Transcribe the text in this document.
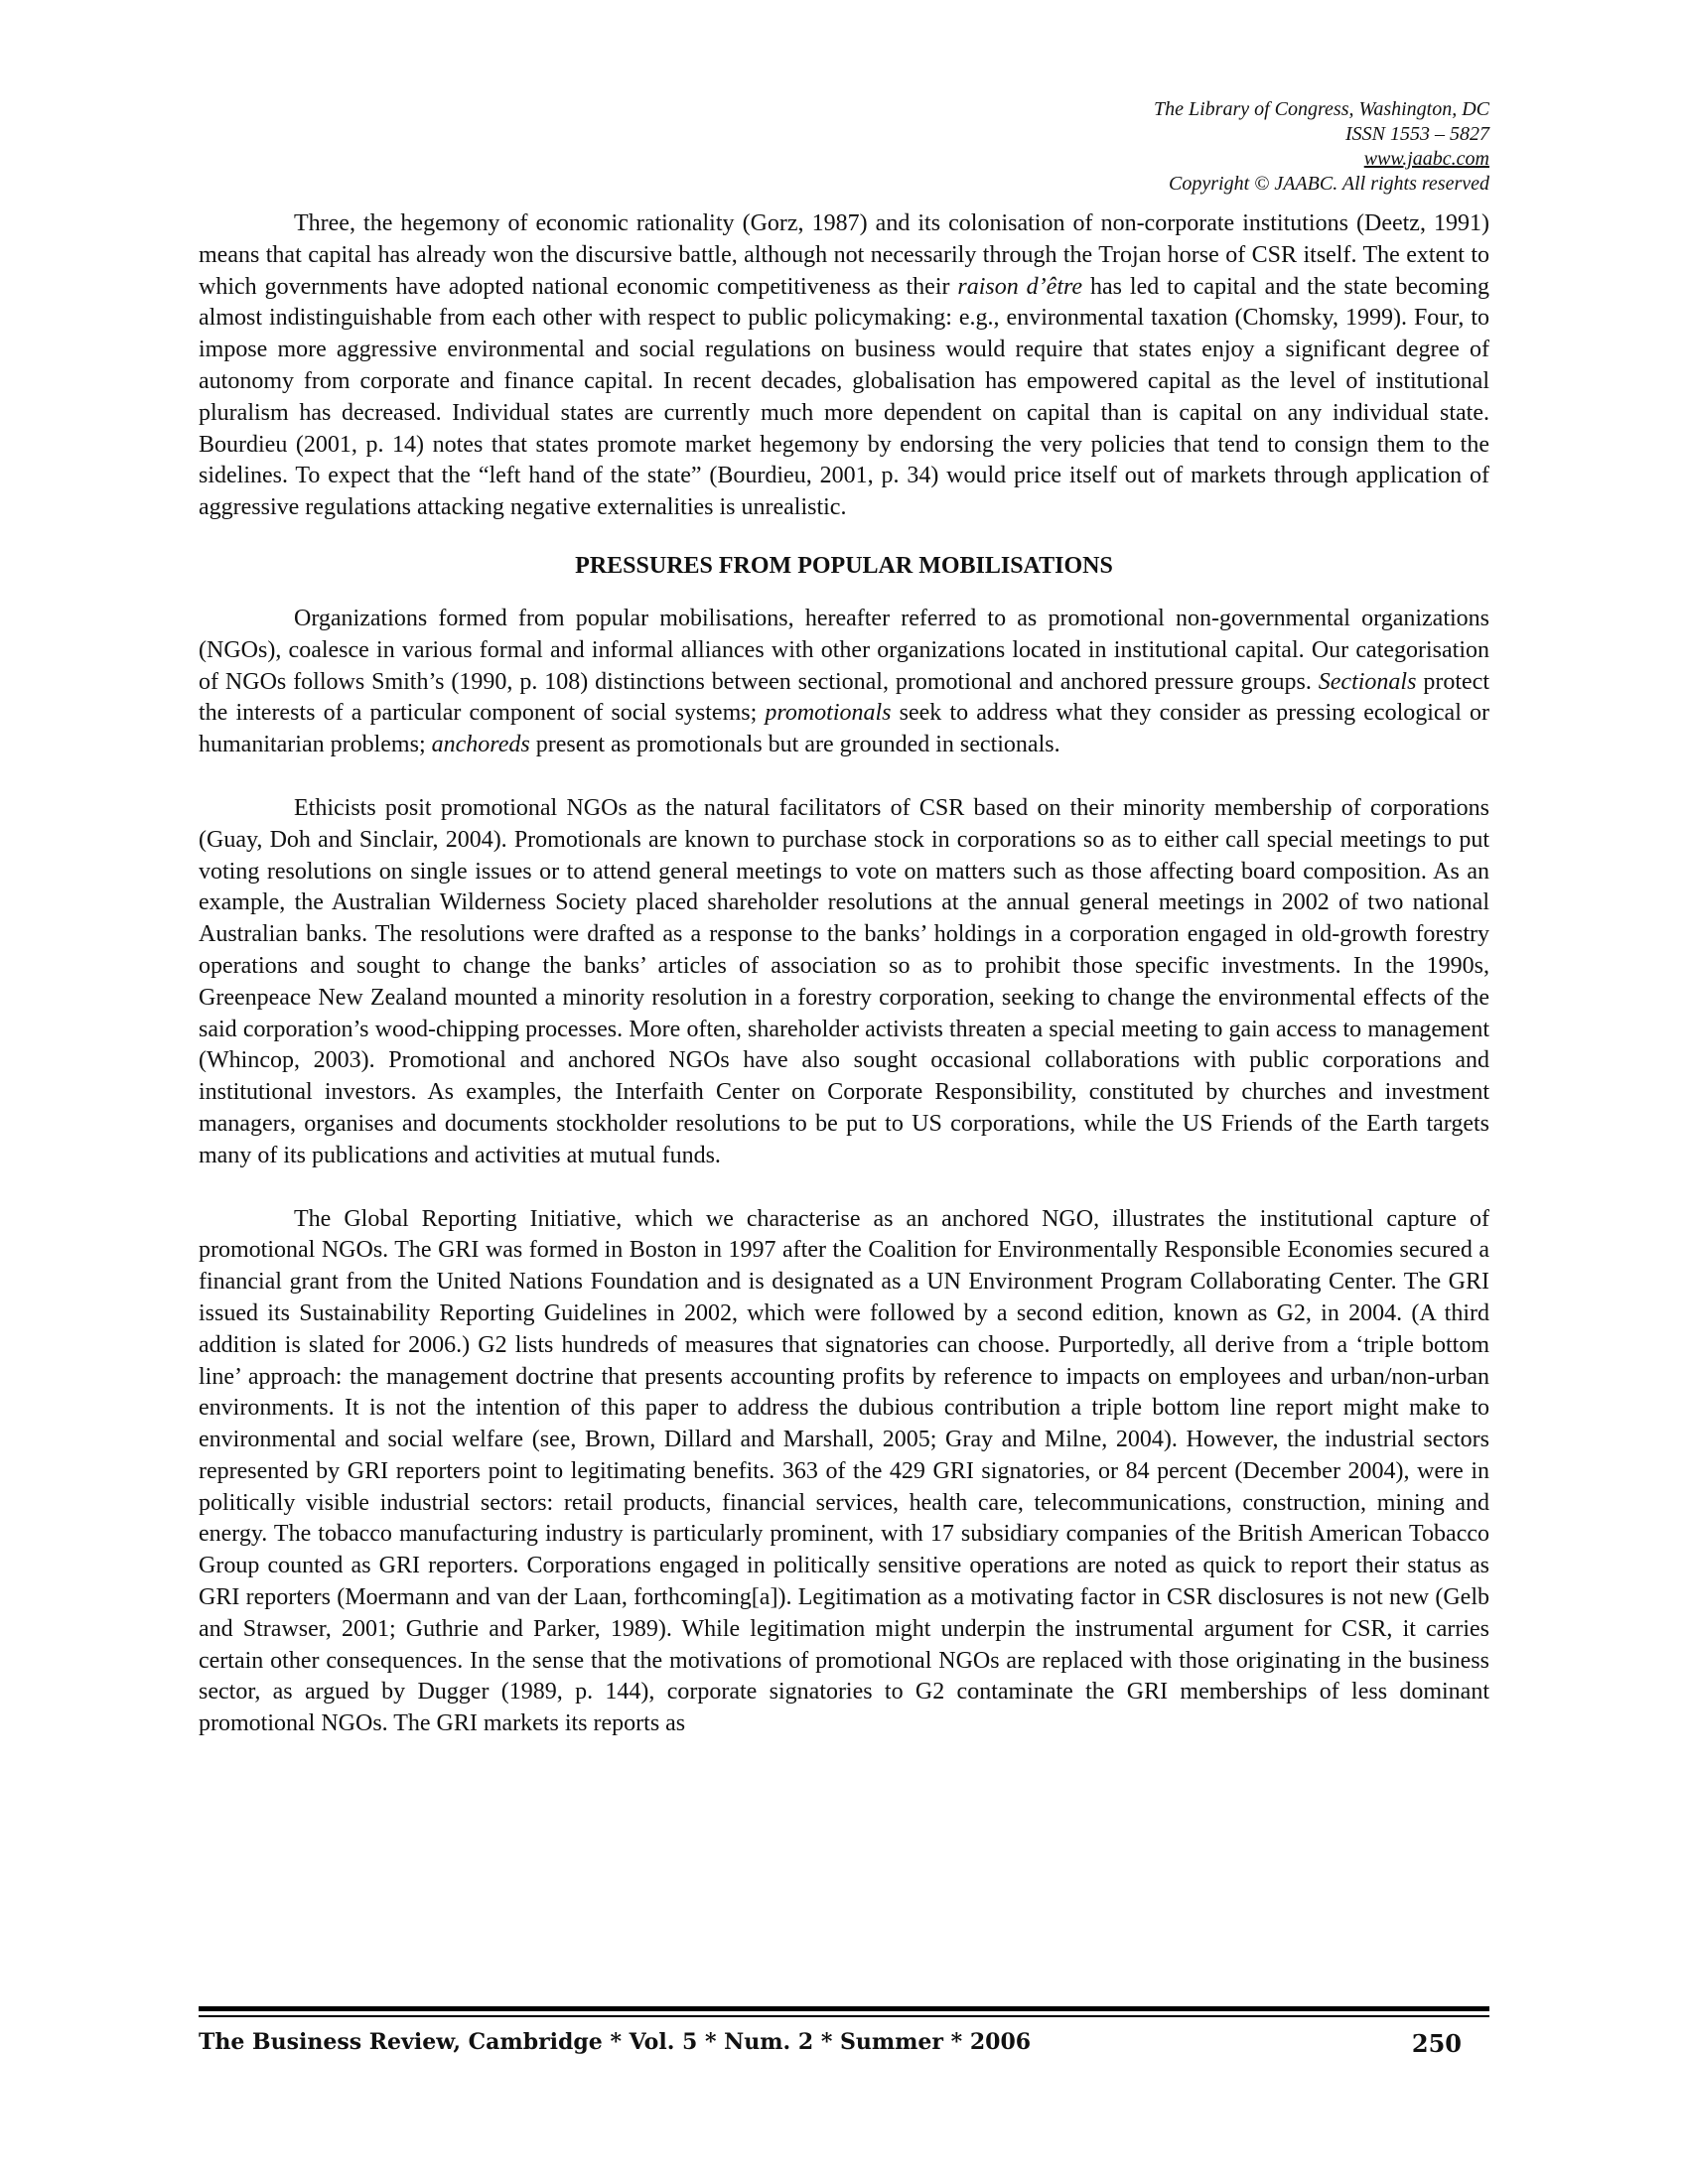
The Library of Congress, Washington, DC
ISSN 1553 – 5827
www.jaabc.com
Copyright © JAABC. All rights reserved

Three, the hegemony of economic rationality (Gorz, 1987) and its colonisation of non-corporate institutions (Deetz, 1991) means that capital has already won the discursive battle, although not necessarily through the Trojan horse of CSR itself. The extent to which governments have adopted national economic competitiveness as their raison d’être has led to capital and the state becoming almost indistinguishable from each other with respect to public policymaking: e.g., environmental taxation (Chomsky, 1999). Four, to impose more aggressive environmental and social regulations on business would require that states enjoy a significant degree of autonomy from corporate and finance capital. In recent decades, globalisation has empowered capital as the level of institutional pluralism has decreased. Individual states are currently much more dependent on capital than is capital on any individual state. Bourdieu (2001, p. 14) notes that states promote market hegemony by endorsing the very policies that tend to consign them to the sidelines. To expect that the “left hand of the state” (Bourdieu, 2001, p. 34) would price itself out of markets through application of aggressive regulations attacking negative externalities is unrealistic.

PRESSURES FROM POPULAR MOBILISATIONS

Organizations formed from popular mobilisations, hereafter referred to as promotional non-governmental organizations (NGOs), coalesce in various formal and informal alliances with other organizations located in institutional capital. Our categorisation of NGOs follows Smith’s (1990, p. 108) distinctions between sectional, promotional and anchored pressure groups. Sectionals protect the interests of a particular component of social systems; promotionals seek to address what they consider as pressing ecological or humanitarian problems; anchoreds present as promotionals but are grounded in sectionals.

Ethicists posit promotional NGOs as the natural facilitators of CSR based on their minority membership of corporations (Guay, Doh and Sinclair, 2004). Promotionals are known to purchase stock in corporations so as to either call special meetings to put voting resolutions on single issues or to attend general meetings to vote on matters such as those affecting board composition. As an example, the Australian Wilderness Society placed shareholder resolutions at the annual general meetings in 2002 of two national Australian banks. The resolutions were drafted as a response to the banks’ holdings in a corporation engaged in old-growth forestry operations and sought to change the banks’ articles of association so as to prohibit those specific investments. In the 1990s, Greenpeace New Zealand mounted a minority resolution in a forestry corporation, seeking to change the environmental effects of the said corporation’s wood-chipping processes. More often, shareholder activists threaten a special meeting to gain access to management (Whincop, 2003). Promotional and anchored NGOs have also sought occasional collaborations with public corporations and institutional investors. As examples, the Interfaith Center on Corporate Responsibility, constituted by churches and investment managers, organises and documents stockholder resolutions to be put to US corporations, while the US Friends of the Earth targets many of its publications and activities at mutual funds.

The Global Reporting Initiative, which we characterise as an anchored NGO, illustrates the institutional capture of promotional NGOs. The GRI was formed in Boston in 1997 after the Coalition for Environmentally Responsible Economies secured a financial grant from the United Nations Foundation and is designated as a UN Environment Program Collaborating Center. The GRI issued its Sustainability Reporting Guidelines in 2002, which were followed by a second edition, known as G2, in 2004. (A third addition is slated for 2006.) G2 lists hundreds of measures that signatories can choose. Purportedly, all derive from a ‘triple bottom line’ approach: the management doctrine that presents accounting profits by reference to impacts on employees and urban/non-urban environments. It is not the intention of this paper to address the dubious contribution a triple bottom line report might make to environmental and social welfare (see, Brown, Dillard and Marshall, 2005; Gray and Milne, 2004). However, the industrial sectors represented by GRI reporters point to legitimating benefits. 363 of the 429 GRI signatories, or 84 percent (December 2004), were in politically visible industrial sectors: retail products, financial services, health care, telecommunications, construction, mining and energy. The tobacco manufacturing industry is particularly prominent, with 17 subsidiary companies of the British American Tobacco Group counted as GRI reporters. Corporations engaged in politically sensitive operations are noted as quick to report their status as GRI reporters (Moermann and van der Laan, forthcoming[a]). Legitimation as a motivating factor in CSR disclosures is not new (Gelb and Strawser, 2001; Guthrie and Parker, 1989). While legitimation might underpin the instrumental argument for CSR, it carries certain other consequences. In the sense that the motivations of promotional NGOs are replaced with those originating in the business sector, as argued by Dugger (1989, p. 144), corporate signatories to G2 contaminate the GRI memberships of less dominant promotional NGOs. The GRI markets its reports as

The Business Review, Cambridge * Vol. 5 * Num. 2 * Summer * 2006	250
